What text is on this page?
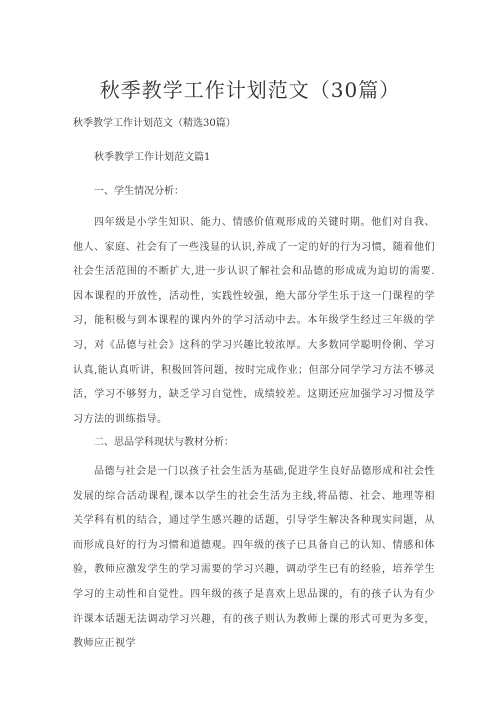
秋季教学工作计划范文（30篇）
秋季教学工作计划范文（精选30篇）
秋季教学工作计划范文篇1
一、学生情况分析：

四年级是小学生知识、能力、情感价值观形成的关键时期。他们对自我、他人、家庭、社会有了一些浅显的认识,养成了一定的好的行为习惯，随着他们社会生活范围的不断扩大,进一步认识了解社会和品德的形成成为迫切的需要.因本课程的开放性，活动性，实践性较强，绝大部分学生乐于这一门课程的学习，能积极与到本课程的课内外的学习活动中去。本年级学生经过三年级的学习，对《品德与社会》这科的学习兴趣比较浓厚。大多数同学聪明伶俐、学习认真,能认真听讲，积极回答问题，按时完成作业；但部分同学学习方法不够灵活，学习不够努力，缺乏学习自觉性，成绩较差。这期还应加强学习习惯及学习方法的训练指导。

二、思品学科现状与教材分析：

品德与社会是一门以孩子社会生活为基础,促进学生良好品德形成和社会性发展的综合活动课程,课本以学生的社会生活为主线,将品德、社会、地理等相关学科有机的结合，通过学生感兴趣的话题，引导学生解决各种现实问题，从而形成良好的行为习惯和道德观。四年级的孩子已具备自己的认知、情感和体验，教师应激发学生的学习需要的学习兴趣，调动学生已有的经验，培养学生学习的主动性和自觉性。四年级的孩子是喜欢上思品课的，有的孩子认为有少许课本话题无法调动学习兴趣，有的孩子则认为教师上课的形式可更为多变，教师应正视学
